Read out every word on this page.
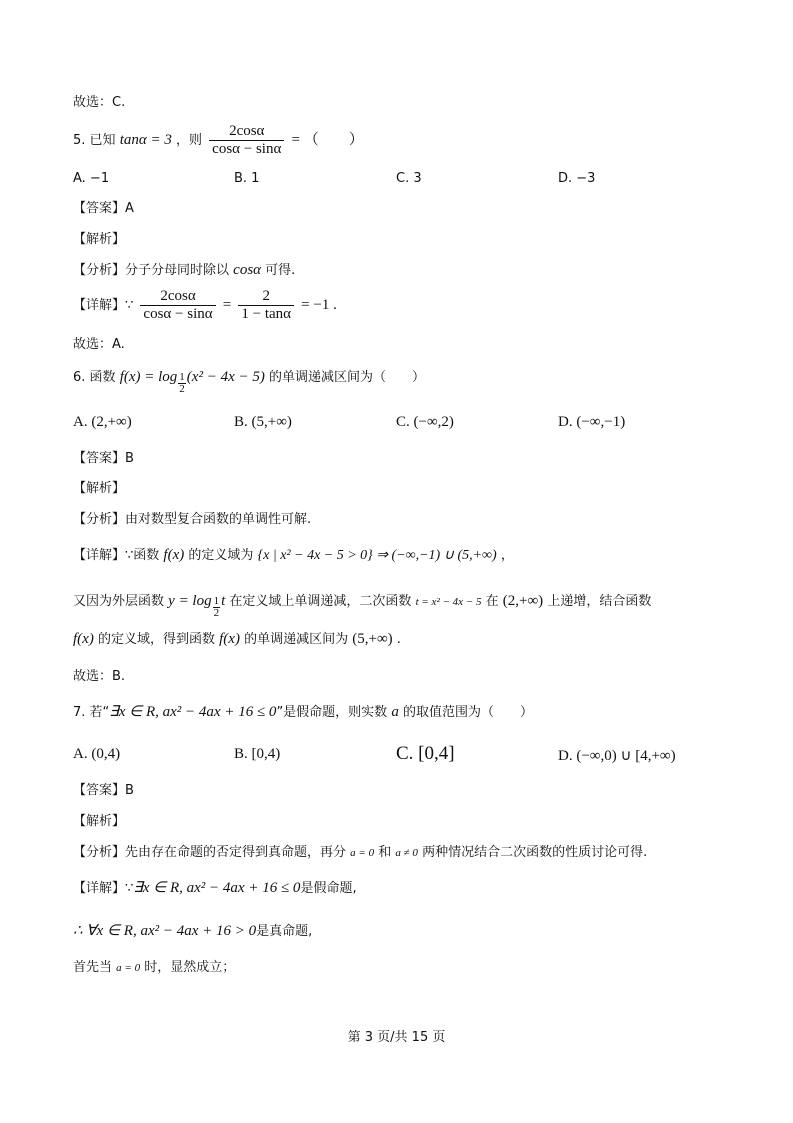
故选：C.
5. 已知 tanα = 3 ，则 $\frac{2\cos\alpha}{\cos\alpha - \sin\alpha}$ = （　　）
A. −1	B. 1	C. 3	D. −3
【答案】A
【解析】
【分析】分子分母同时除以 cosα 可得.
【详解】∵ $\frac{2\cos\alpha}{\cos\alpha - \sin\alpha} = \frac{2}{1 - \tan\alpha} = -1$ .
故选：A.
6. 函数 $f(x) = \log \frac{1}{2} (x^2 - 4x - 5)$ 的单调递减区间为（　　）
A. (2,+∞)	B. (5,+∞)	C. (−∞,2)	D. (−∞,−1)
【答案】B
【解析】
【分析】由对数型复合函数的单调性可解.
【详解】∵函数 f(x) 的定义域为 {x | x² − 4x − 5 > 0} ⇒ (−∞,−1) ∪ (5,+∞) ，
又因为外层函数 $y = \log \frac{1}{2}$ t 在定义域上单调递减，二次函数 t = x² − 4x − 5 在 (2,+∞) 上递增，结合函数
f(x) 的定义域，得到函数 f(x) 的单调递减区间为 (5,+∞) .
故选：B.
7. 若“∃x ∈ R, ax² − 4ax + 16 ≤ 0”是假命题，则实数 a 的取值范围为（　　）
A. (0,4)	B. [0,4)	C. [0,4]	D. (−∞,0) ∪ [4,+∞)
【答案】B
【解析】
【分析】先由存在命题的否定得到真命题，再分 a = 0 和 a ≠ 0 两种情况结合二次函数的性质讨论可得.
【详解】∵∃x ∈ R, ax² − 4ax + 16 ≤ 0是假命题,
∴ ∀x ∈ R, ax² − 4ax + 16 > 0是真命题,
首先当 a = 0 时，显然成立；
第 3 页/共 15 页
